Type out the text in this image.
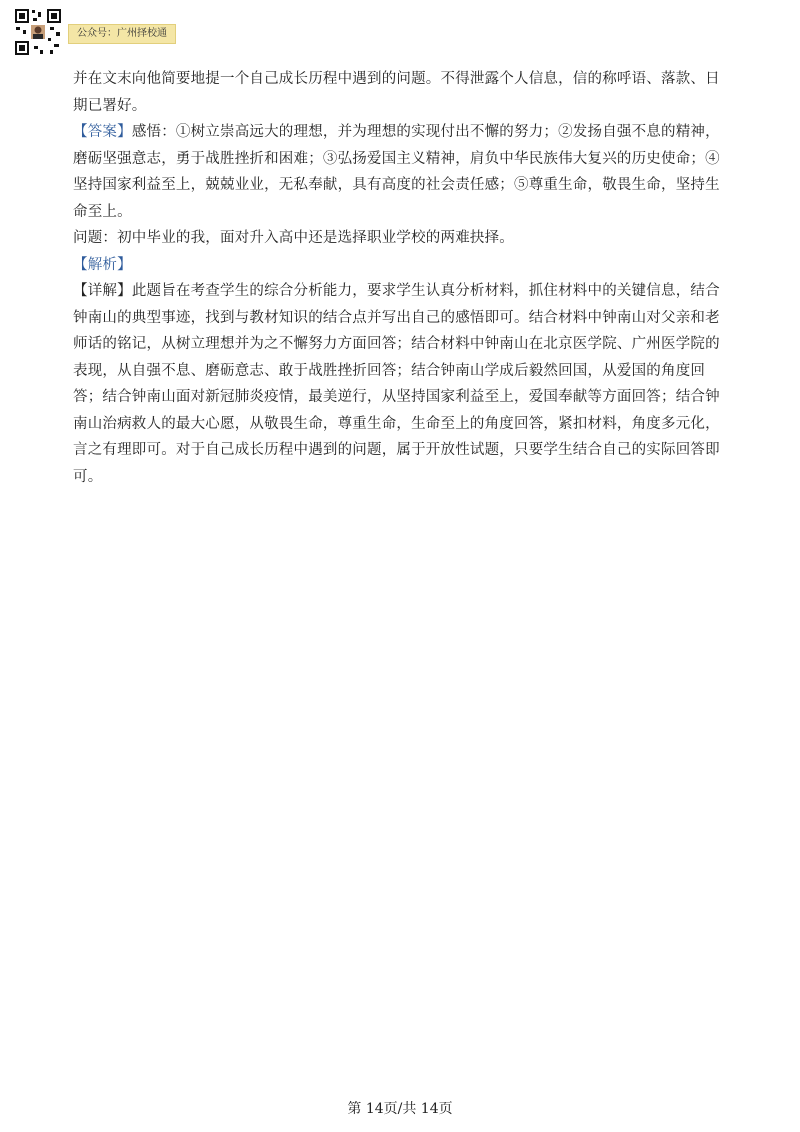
公众号：广州择校通

并在文末向他简要地提一个自己成长历程中遇到的问题。不得泄露个人信息，信的称呼语、落款、日期已署好。

【答案】感悟：①树立崇高远大的理想，并为理想的实现付出不懈的努力；②发扬自强不息的精神，磨砺坚强意志，勇于战胜挫折和困难；③弘扬爱国主义精神，肩负中华民族伟大复兴的历史使命；④坚持国家利益至上，兢兢业业，无私奉献，具有高度的社会责任感；⑤尊重生命，敬畏生命，坚持生命至上。

问题：初中毕业的我，面对升入高中还是选择职业学校的两难抉择。

【解析】

【详解】此题旨在考查学生的综合分析能力，要求学生认真分析材料，抓住材料中的关键信息，结合钟南山的典型事迹，找到与教材知识的结合点并写出自己的感悟即可。结合材料中钟南山对父亲和老师话的铭记，从树立理想并为之不懈努力方面回答；结合材料中钟南山在北京医学院、广州医学院的表现，从自强不息、磨砺意志、敢于战胜挫折回答；结合钟南山学成后毅然回国，从爱国的角度回答；结合钟南山面对新冠肺炎疫情，最美逆行，从坚持国家利益至上，爱国奉献等方面回答；结合钟南山治病救人的最大心愿，从敬畏生命，尊重生命，生命至上的角度回答，紧扣材料，角度多元化，言之有理即可。对于自己成长历程中遇到的问题，属于开放性试题，只要学生结合自己的实际回答即可。

第 14页/共 14页
